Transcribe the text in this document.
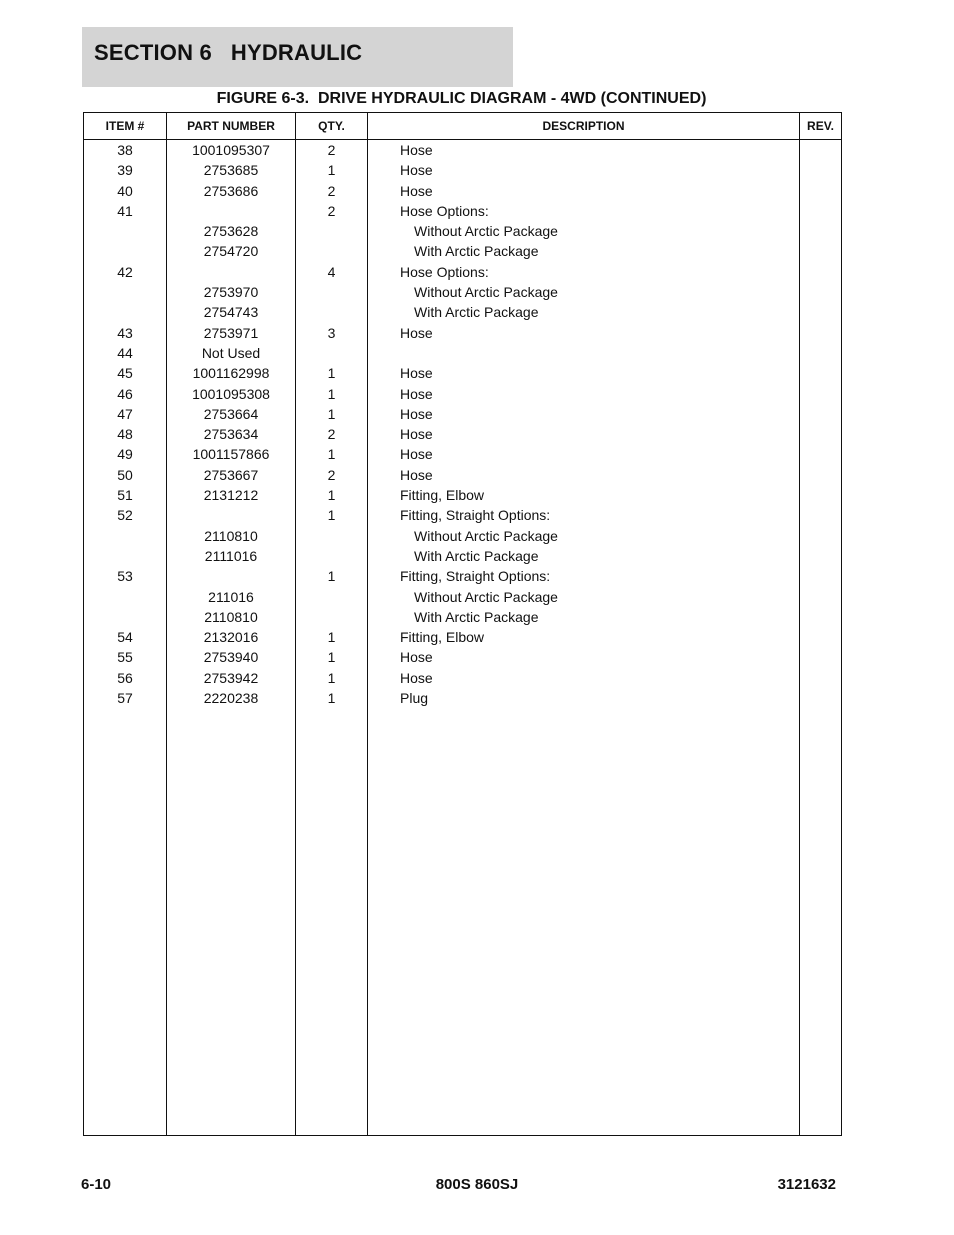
SECTION 6   HYDRAULIC
FIGURE 6-3.  DRIVE HYDRAULIC DIAGRAM - 4WD (CONTINUED)
ITEM #	PART NUMBER	QTY.	DESCRIPTION	REV.
38	1001095307	2	Hose	
39	2753685	1	Hose	
40	2753686	2	Hose	
41		2	Hose Options:	
	2753628		Without Arctic Package	
	2754720		With Arctic Package	
42		4	Hose Options:	
	2753970		Without Arctic Package	
	2754743		With Arctic Package	
43	2753971	3	Hose	
44	Not Used			
45	1001162998	1	Hose	
46	1001095308	1	Hose	
47	2753664	1	Hose	
48	2753634	2	Hose	
49	1001157866	1	Hose	
50	2753667	2	Hose	
51	2131212	1	Fitting, Elbow	
52		1	Fitting, Straight Options:	
	2110810		Without Arctic Package	
	2111016		With Arctic Package	
53		1	Fitting, Straight Options:	
	211016		Without Arctic Package	
	2110810		With Arctic Package	
54	2132016	1	Fitting, Elbow	
55	2753940	1	Hose	
56	2753942	1	Hose	
57	2220238	1	Plug	

6-10	800S 860SJ	3121632
